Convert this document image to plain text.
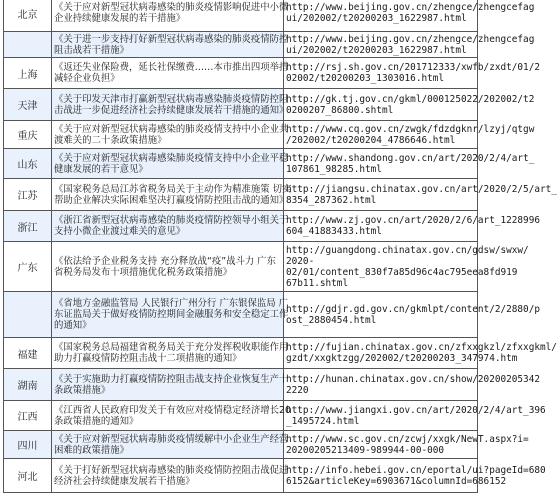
北京	《关于应对新型冠状病毒感染的肺炎疫情影响促进中小微
企业持续健康发展的若干措施》	http://www.beijing.gov.cn/zhengce/zhengcefag
ui/202002/t20200203_1622987.html

	《关于进一步支持打好新型冠状病毒感染的肺炎疫情防控
阻击战若干措施》	http://www.beijing.gov.cn/zhengce/zhengcefag
ui/202002/t20200203_1622987.html

上海	《返还失业保险费，延长社保缴费……本市推出四项举措
减轻企业负担》	http://rsj.sh.gov.cn/201712333/xwfb/zxdt/01/2
02002/t20200203_1303016.html

天津	《关于印发天津市打赢新型冠状病毒感染肺炎疫情防控阻
击战进一步促进经济社会持续健康发展若干措施的通知》	http://gk.tj.gov.cn/gkml/000125022/202002/t2
0200207_86800.shtml

重庆	《关于应对新型冠状病毒感染的肺炎疫情支持中小企业共
渡难关的二十条政策措施》	http://www.cq.gov.cn/zwgk/fdzdgknr/lzyj/qtgw
/202002/t20200204_4786646.html

山东	《关于应对新型冠状病毒感染肺炎疫情支持中小企业平稳
健康发展的若干意见》	http://www.shandong.gov.cn/art/2020/2/4/art_
107861_98285.html

江苏	《国家税务总局江苏省税务局关于主动作为精准施策 切实
帮助企业解决实际困难坚决打赢疫情防控阻击战的通知》	http://jiangsu.chinatax.gov.cn/art/2020/2/5/art_
8354_287362.html

浙江	《浙江省新型冠状病毒感染的肺炎疫情防控领导小组关于
支持小微企业渡过难关的意见》	http://www.zj.gov.cn/art/2020/2/6/art_1228996
604_41883433.html

广东	《依法给予企业税务支持 充分释放战“疫”战斗力 广东
省税务局发布十项措施优化税务政策措施》	http://guangdong.chinatax.gov.cn/gdsw/swxw/
2020-
02/01/content_830f7a85d96c4ac795eea8fd919
67b11.shtml

	《省地方金融监管局 人民银行广州分行 广东银保监局 广
东证监局关于做好疫情防控期间金融服务和安全稳定工作
的通知》	http://gdjr.gd.gov.cn/gkmlpt/content/2/2880/p
ost_2880454.html

福建	《国家税务总局福建省税务局关于充分发挥税收职能作用
助力打赢疫情防控阻击战十二项措施的通知》	http://fujian.chinatax.gov.cn/zfxxgkzl/zfxxgkml/
gzdt/xxgktzgg/202002/t20200203_347974.htm

湖南	《关于实施助力打赢疫情防控阻击战支持企业恢复生产十
条政策措施》	http://hunan.chinatax.gov.cn/show/20200205342
2220

江西	《江西省人民政府印发关于有效应对疫情稳定经济增长20
条政策措施的通知》	http://www.jiangxi.gov.cn/art/2020/2/4/art_396
_1495724.html

四川	《关于应对新型冠状病毒肺炎疫情缓解中小企业生产经营
困难的政策措施》	http://www.sc.gov.cn/zcwj/xxgk/NewT.aspx?i=
20200205213409-989944-00-000

河北	《关于打好新型冠状病毒感染的肺炎疫情防控阻击战促进
经济社会持续健康发展若干措施》	http://info.hebei.gov.cn/eportal/ui?pageId=680
6152&articleKey=6903671&columnId=686152
